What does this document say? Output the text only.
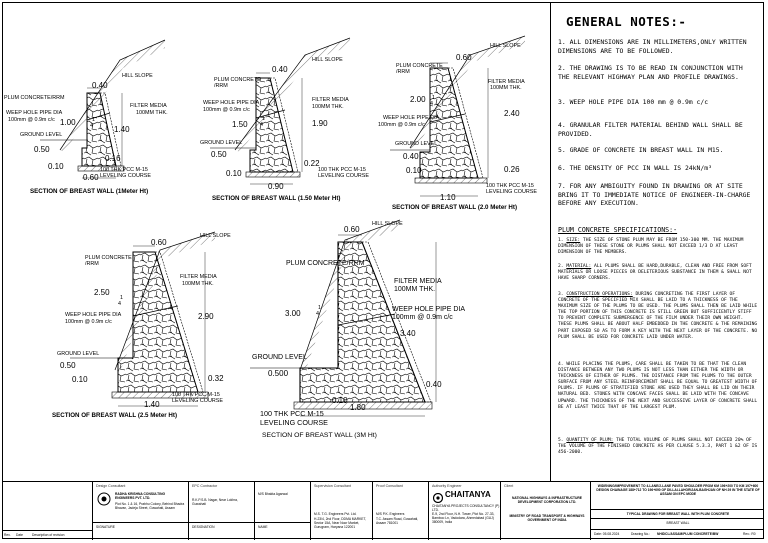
HILL SLOPE
PLUM CONCRETE/RRM
FILTER MEDIA
100MM THK.
WEEP HOLE PIPE DIA
100mm @ 0.9m c/c
GROUND LEVEL
100 THK PCC M-15
LEVELING COURSE
0.40
1.40
1.00
0.50
0.10
0.60
0.16
1
4
SECTION OF BREAST WALL (1Meter Ht)
HILL SLOPE
PLUM CONCRETE
/RRM
FILTER MEDIA
100MM THK.
WEEP HOLE PIPE DIA
100mm @ 0.9m c/c
GROUND LEVEL
100 THK PCC M-15
LEVELING COURSE
0.40
1.90
1.50
0.50
0.10
0.90
0.22
1
4
SECTION OF BREAST WALL (1.50 Meter Ht)
HILL SLOPE
PLUM CONCRETE
/RRM
FILTER MEDIA
100MM THK.
WEEP HOLE PIPE DIA
100mm @ 0.9m c/c
GROUND LEVEL
100 THK PCC M-15
LEVELING COURSE
0.60
2.40
2.00
0.40
0.10
1.10
0.26
1
4
SECTION OF BREAST WALL (2.0 Meter Ht)
HILL SLOPE
PLUM CONCRETE
/RRM
FILTER MEDIA
100MM THK.
WEEP HOLE PIPE DIA
100mm @ 0.9m c/c
GROUND LEVEL
100 THK PCC M-15
LEVELING COURSE
0.60
2.90
2.50
0.50
0.10
1.40
0.32
1
4
SECTION OF BREAST WALL (2.5 Meter Ht)
HILL SLOPE
PLUM CONCRETE/RRM
FILTER MEDIA
100MM THK.
WEEP HOLE PIPE DIA
100mm @ 0.9m c/c
GROUND LEVEL
100 THK PCC M-15
LEVELING COURSE
0.60
3.40
3.00
0.500
0.10
1.80
0.40
1
4
SECTION OF BREAST WALL (3M Ht)
GENERAL NOTES:-
1. ALL DIMENSIONS ARE IN MILLIMETERS,ONLY WRITTEN DIMENSIONS ARE TO BE FOLLOWED.
2. THE DRAWING IS TO BE READ IN CONJUNCTION WITH THE RELEVANT HIGHWAY PLAN AND PROFILE DRAWINGS.
3. WEEP HOLE PIPE DIA 100 mm @ 0.9m c/c
4. GRANULAR FILTER MATERIAL BEHIND WALL SHALL BE PROVIDED.
5. GRADE OF CONCRETE IN BREAST WALL IN M15.
6. THE DENSITY OF PCC IN WALL IS 24kN/m³
7. FOR ANY AMBIGUITY FOUND IN DRAWING OR AT SITE BRING IT TO IMMEDIATE NOTICE OF ENGINEER-IN-CHARGE BEFORE ANY EXECUTION.
PLUM CONCRETE SPECIFICATIONS:-
1. SIZE: THE SIZE OF STONE PLUM MAY BE FROM 150-300 MM. THE MAXIMUM DIMENSION OF THESE STONE OR PLUMS SHALL NOT EXCEED 1/3 D AT LEAST DIMENSION OF THE MEMBERS.
2. MATERIAL: ALL PLUMS SHALL BE HARD,DURABLE, CLEAN AND FREE FROM SOFT MATERIALS OR LOOSE PIECES OR DELETERIOUS SUBSTANCE IN THEM & SHALL NOT HAVE SHARP CORNERS.
3. CONSTRUCTION OPERATIONS: DURING CONCRETING THE FIRST LAYER OF CONCRETE OF THE SPECIFIED MIX SHALL BE LAID TO A THICKNESS OF THE MAXIMUM SIZE OF THE PLUMS TO BE USED. THE PLUMS SHALL THEN BE LAID WHILE THE TOP PORTION OF THIS CONCRETE IS STILL GREEN BUT SUFFICIENTLY STIFF TO PREVENT COMPLETE SUBMERGENCE OF THE FILM UNDER THEIR OWN WEIGHT. THESE PLUMS SHALL BE ABOUT HALF EMBEDDED IN THE CONCRETE & THE REMAINING PART EXPOSED SO AS TO FORM A KEY WITH THE NEXT LAYER OF THE CONCRETE. NO PLUM SHALL BE USED FOR CONCRETE LAID UNDER WATER.
4. WHILE PLACING THE PLUMS, CARE SHALL BE TAKEN TO BE THAT THE CLEAN DISTANCE BETWEEN ANY TWO PLUMS IS NOT LESS THAN EITHER THE WIDTH OR THICKNESS OF EITHER OF PLUMS. THE DISTANCE FROM THE PLUMS TO THE OUTER SURFACE FROM ANY STEEL REINFORCEMENT SHALL BE EQUAL TO GREATEST WIDTH OF PLUMS. IF PLUMS OF STRATIFIED STONE ARE USED THEY SHALL BE LID ON THEIR NATURAL BED. STONES WITH CONCAVE FACES SHALL BE LAID WITH THE CONCAVE UPWARD. THE THICKNESS OF THE NEXT AND SUCCESSIVE LAYER OF CONCRETE SHALL BE AT LEAST TWICE THAT OF THE LARGEST PLUM.
5. QUANTITY OF PLUM: THE TOTAL VOLUME OF PLUMS SHALL NOT EXCEED 20% OF THE VOLUME OF THE FINISHED CONCRETE AS PER CLAUSE 5.3.3, PART 1 &2 OF IS 456-2000.
Rev. Date	Description of revision
Design Consultant
RADHA KRISHNA CONSULTING ENGINEERS PVT. LTD.
Plot No. 1 & 16, Prabhu Colony, Behind Bhadra Bhavan, Jadeja Street, Guwahati, Assam
SIGNATURE
EPC Contractor
R.K.P.S.B. Nagar, Near Lokhra, Guwahati
DESIGNATION
M/S Bhakta Agarwal
NAME
Supervision Consultant
M.S. T.G. Engineers Pvt. Ltd.
H-23/4, 2nd Floor, DDMA MARKET, Sector 15A, Near Noor Market, Gurugram, Haryana 122001
Proof Consultant
M/S P.K. Engineers
T.C. Assam Road, Guwahati, Assam 781001
Authority Engineer
CHAITANYA
CHAITANYA PROJECTS CONSULTANCY (P) LTD.
E-9, 2nd Floor, N.H. Tower, Plot No. 27-33, Bamboo Ln, Vadodara, Ahmedabad (GUJ) 380009, India
Client
NATIONAL HIGHWAYS & INFRASTRUCTURE DEVELOPMENT CORPORATION LTD.
MINISTRY OF ROAD TRANSPORT & HIGHWAYS GOVERNMENT OF INDIA
WIDENING/IMPROVEMENT TO 4-LANE/2-LANE PAVED SHOULDER FROM KM 196+200 TO KM 197+600 DESIGN CHAINAGE 188+712 TO 196+690 OF DILLAI-LAHORIJAN-BAGHJAN OF NH 29 IN THE STATE OF ASSAM ON EPC MODE
TYPICAL DRAWING FOR BREAST WALL WITH PLUM CONCRETE
BREAST WALL
Date: 05.08.2024	Drawing No.: NHIDCL/ASSAM/PLUM CONCRETE/BW	Rev.: R0
